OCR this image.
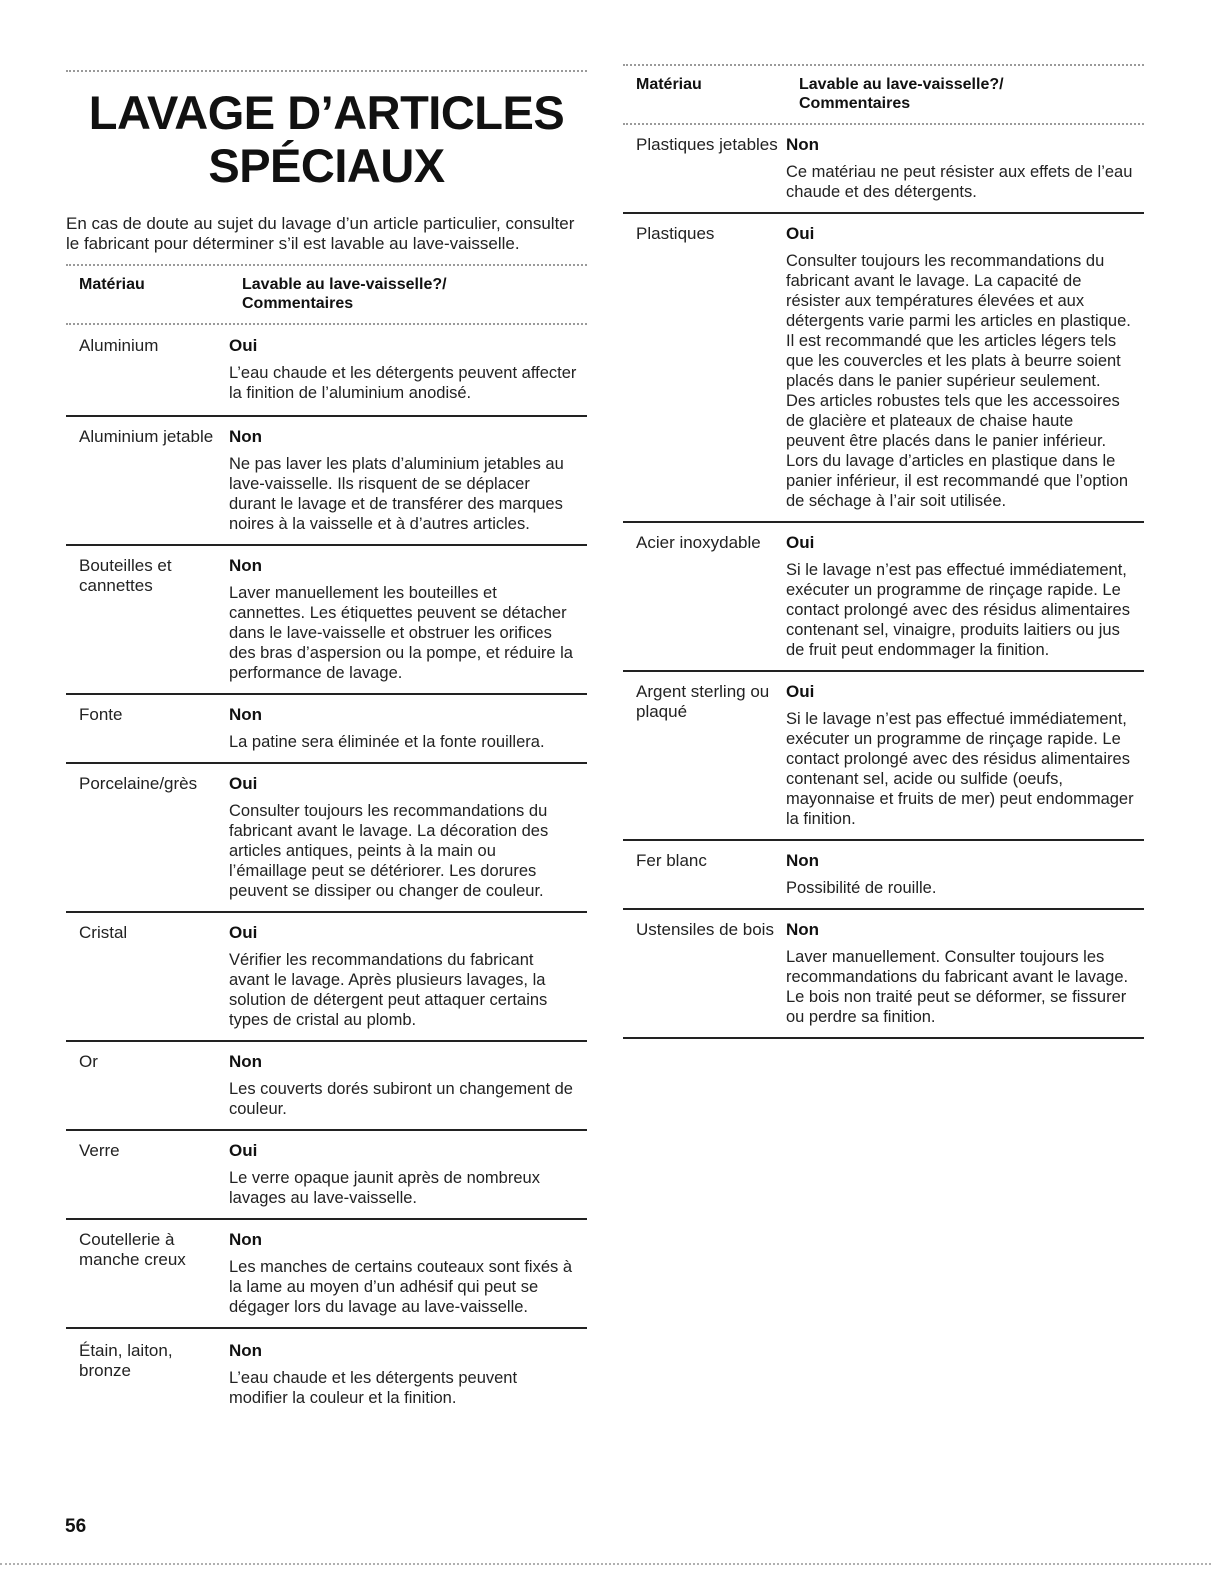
LAVAGE D’ARTICLES
SPÉCIAUX

En cas de doute au sujet du lavage d’un article particulier, consulter le fabricant pour déterminer s’il est lavable au lave-vaisselle.

Matériau	Lavable au lave-vaisselle?/
Commentaires
Aluminium	Oui
L’eau chaude et les détergents peuvent affecter la finition de l’aluminium anodisé.
Aluminium jetable Non
Ne pas laver les plats d’aluminium jetables au lave-vaisselle. Ils risquent de se déplacer durant le lavage et de transférer des marques noires à la vaisselle et à d’autres articles.
Bouteilles et cannettes
Non
Laver manuellement les bouteilles et cannettes. Les étiquettes peuvent se détacher dans le lave-vaisselle et obstruer les orifices des bras d’aspersion ou la pompe, et réduire la performance de lavage.
Fonte	Non
La patine sera éliminée et la fonte rouillera.
Porcelaine/grès	Oui
Consulter toujours les recommandations du fabricant avant le lavage. La décoration des articles antiques, peints à la main ou l’émaillage peut se détériorer. Les dorures peuvent se dissiper ou changer de couleur.
Cristal	Oui
Vérifier les recommandations du fabricant avant le lavage. Après plusieurs lavages, la solution de détergent peut attaquer certains types de cristal au plomb.
Or	Non
Les couverts dorés subiront un changement de couleur.
Verre	Oui
Le verre opaque jaunit après de nombreux lavages au lave-vaisselle.
Coutellerie à manche creux
Non
Les manches de certains couteaux sont fixés à la lame au moyen d’un adhésif qui peut se dégager lors du lavage au lave-vaisselle.
Étain, laiton, bronze
Non
L’eau chaude et les détergents peuvent modifier la couleur et la finition.
Matériau	Lavable au lave-vaisselle?/
Commentaires
Plastiques jetables Non
Ce matériau ne peut résister aux effets de l’eau chaude et des détergents.
Plastiques	Oui
Consulter toujours les recommandations du fabricant avant le lavage. La capacité de résister aux températures élevées et aux détergents varie parmi les articles en plastique. Il est recommandé que les articles légers tels que les couvercles et les plats à beurre soient placés dans le panier supérieur seulement. Des articles robustes tels que les accessoires de glacière et plateaux de chaise haute peuvent être placés dans le panier inférieur. Lors du lavage d’articles en plastique dans le panier inférieur, il est recommandé que l’option de séchage à l’air soit utilisée.
Acier inoxydable	Oui
Si le lavage n’est pas effectué immédiatement, exécuter un programme de rinçage rapide. Le contact prolongé avec des résidus alimentaires contenant sel, vinaigre, produits laitiers ou jus de fruit peut endommager la finition.
Argent sterling ou plaqué
Oui
Si le lavage n’est pas effectué immédiatement, exécuter un programme de rinçage rapide. Le contact prolongé avec des résidus alimentaires contenant sel, acide ou sulfide (oeufs, mayonnaise et fruits de mer) peut endommager la finition.
Fer blanc	Non
Possibilité de rouille.
Ustensiles de bois Non
Laver manuellement. Consulter toujours les recommandations du fabricant avant le lavage. Le bois non traité peut se déformer, se fissurer ou perdre sa finition.
56
